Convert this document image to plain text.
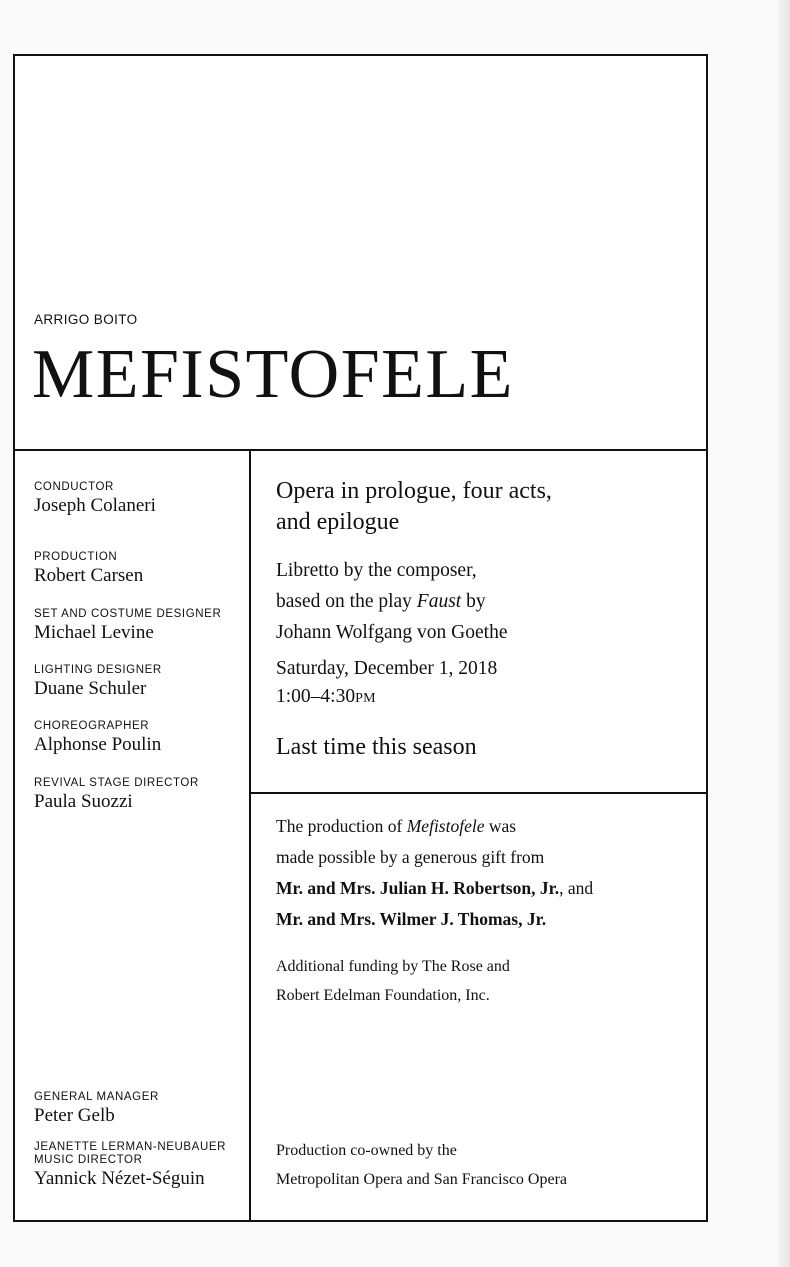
ARRIGO BOITO
MEFISTOFELE
CONDUCTOR
Joseph Colaneri
PRODUCTION
Robert Carsen
SET AND COSTUME DESIGNER
Michael Levine
LIGHTING DESIGNER
Duane Schuler
CHOREOGRAPHER
Alphonse Poulin
REVIVAL STAGE DIRECTOR
Paula Suozzi
GENERAL MANAGER
Peter Gelb
JEANETTE LERMAN-NEUBAUER
MUSIC DIRECTOR
Yannick Nézet-Séguin
Opera in prologue, four acts,
and epilogue
Libretto by the composer,
based on the play Faust by
Johann Wolfgang von Goethe
Saturday, December 1, 2018
1:00–4:30PM
Last time this season
The production of Mefistofele was
made possible by a generous gift from
Mr. and Mrs. Julian H. Robertson, Jr., and
Mr. and Mrs. Wilmer J. Thomas, Jr.
Additional funding by The Rose and
Robert Edelman Foundation, Inc.
Production co-owned by the
Metropolitan Opera and San Francisco Opera
